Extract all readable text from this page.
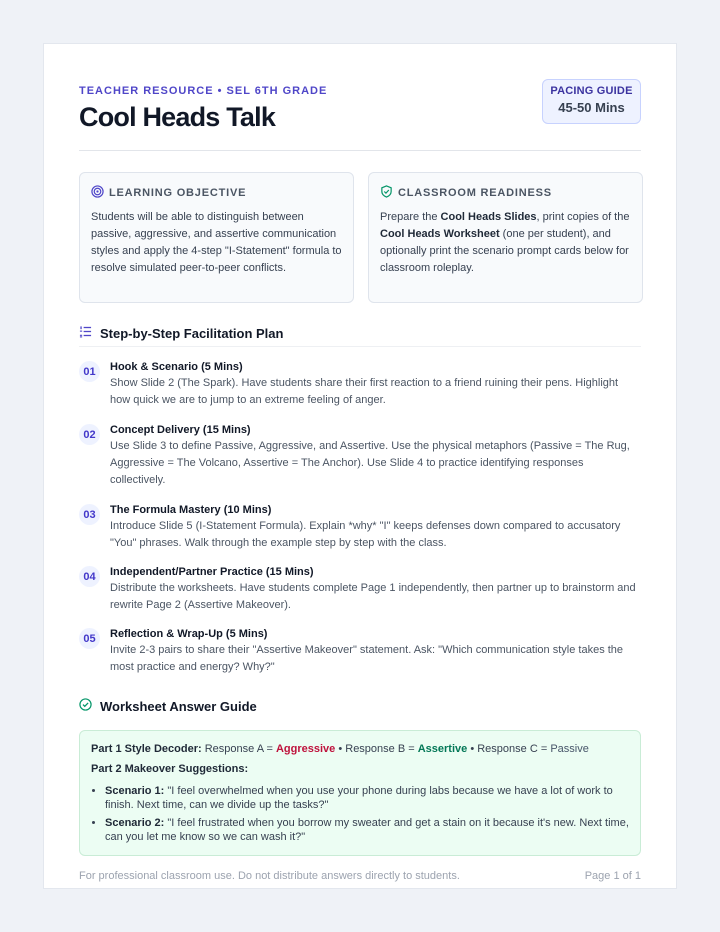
TEACHER RESOURCE • SEL 6TH GRADE
Cool Heads Talk
PACING GUIDE
45-50 Mins
LEARNING OBJECTIVE
Students will be able to distinguish between passive, aggressive, and assertive communication styles and apply the 4-step "I-Statement" formula to resolve simulated peer-to-peer conflicts.
CLASSROOM READINESS
Prepare the Cool Heads Slides, print copies of the Cool Heads Worksheet (one per student), and optionally print the scenario prompt cards below for classroom roleplay.
Step-by-Step Facilitation Plan
01	Hook & Scenario (5 Mins)
Show Slide 2 (The Spark). Have students share their first reaction to a friend ruining their pens. Highlight how quick we are to jump to an extreme feeling of anger.
02	Concept Delivery (15 Mins)
Use Slide 3 to define Passive, Aggressive, and Assertive. Use the physical metaphors (Passive = The Rug, Aggressive = The Volcano, Assertive = The Anchor). Use Slide 4 to practice identifying responses collectively.
03	The Formula Mastery (10 Mins)
Introduce Slide 5 (I-Statement Formula). Explain *why* "I" keeps defenses down compared to accusatory "You" phrases. Walk through the example step by step with the class.
04	Independent/Partner Practice (15 Mins)
Distribute the worksheets. Have students complete Page 1 independently, then partner up to brainstorm and rewrite Page 2 (Assertive Makeover).
05	Reflection & Wrap-Up (5 Mins)
Invite 2-3 pairs to share their "Assertive Makeover" statement. Ask: "Which communication style takes the most practice and energy? Why?"
Worksheet Answer Guide
Part 1 Style Decoder: Response A = Aggressive • Response B = Assertive • Response C = Passive
Part 2 Makeover Suggestions:
• Scenario 1: "I feel overwhelmed when you use your phone during labs because we have a lot of work to finish. Next time, can we divide up the tasks?"
• Scenario 2: "I feel frustrated when you borrow my sweater and get a stain on it because it's new. Next time, can you let me know so we can wash it?"
For professional classroom use. Do not distribute answers directly to students.	Page 1 of 1
